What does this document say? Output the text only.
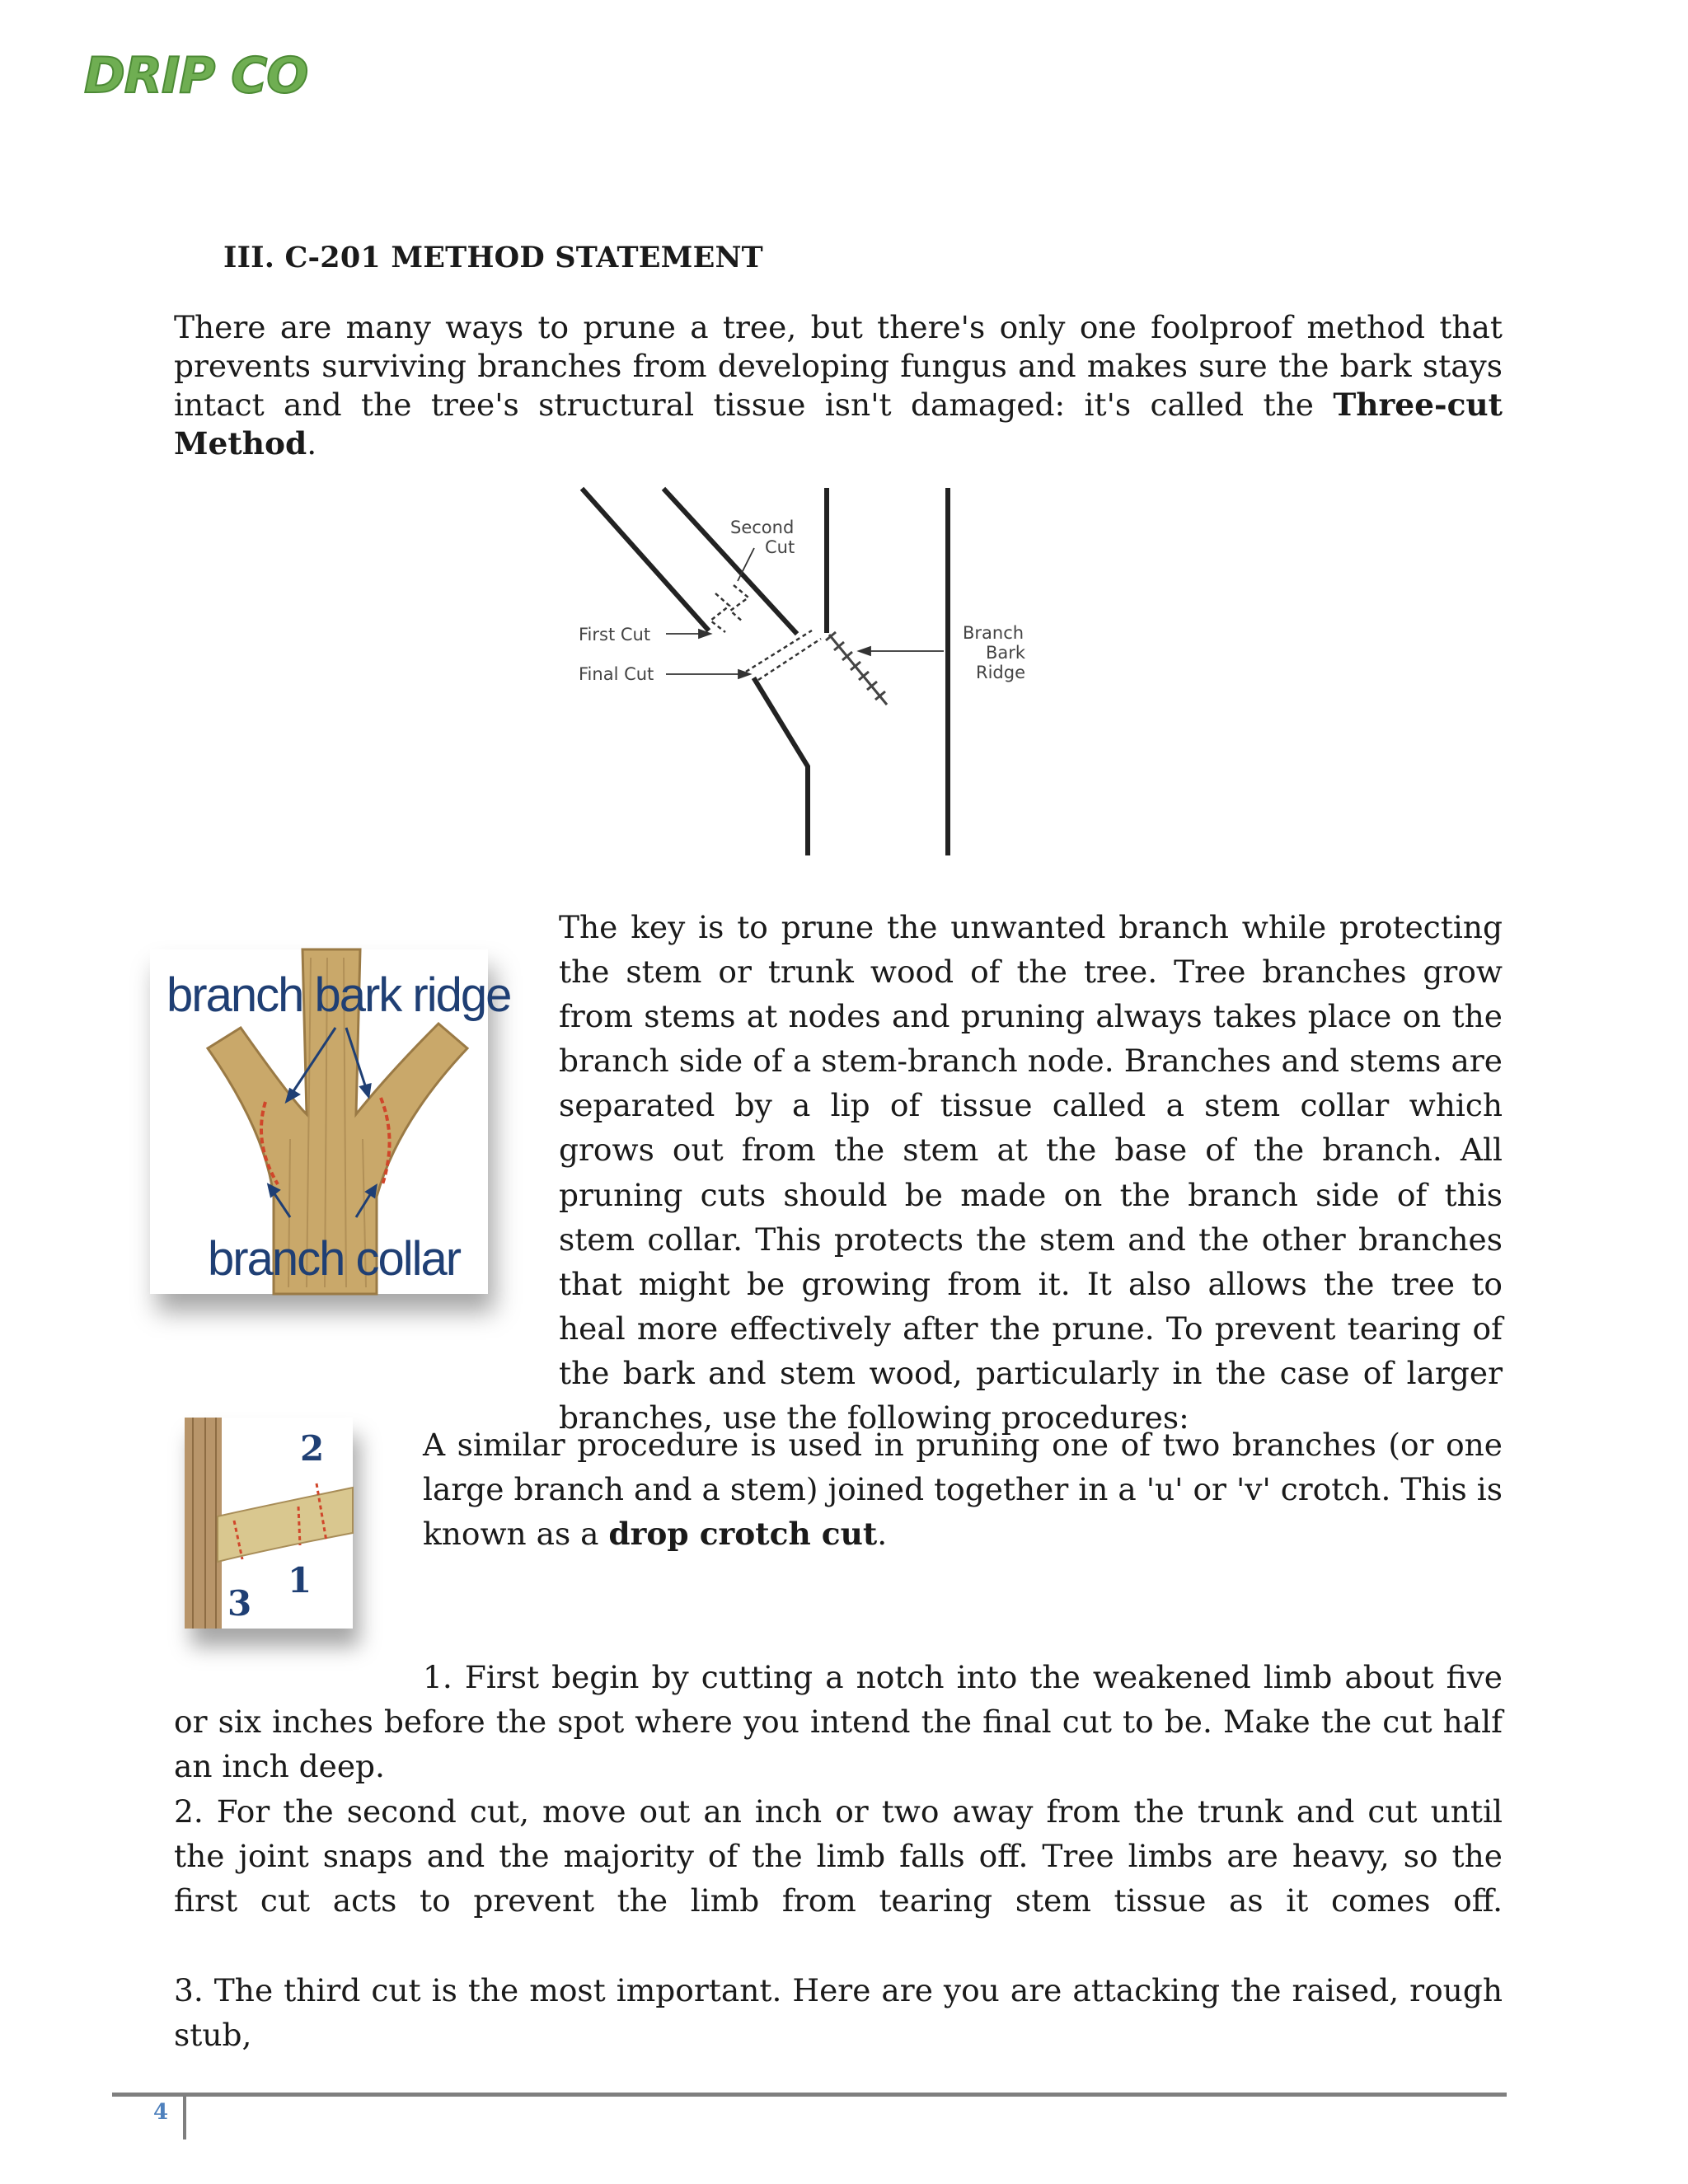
DRIP CO
III. C-201 METHOD STATEMENT
There are many ways to prune a tree, but there's only one foolproof method that prevents surviving branches from developing fungus and makes sure the bark stays intact and the tree's structural tissue isn't damaged: it's called the Three-cut Method.
Second
Cut
First Cut
Final Cut
Branch
Bark
Ridge
branch bark ridge
branch collar
The key is to prune the unwanted branch while protecting the stem or trunk wood of the tree. Tree branches grow from stems at nodes and pruning always takes place on the branch side of a stem-branch node. Branches and stems are separated by a lip of tissue called a stem collar which grows out from the stem at the base of the branch. All pruning cuts should be made on the branch side of this stem collar. This protects the stem and the other branches that might be growing from it. It also allows the tree to heal more effectively after the prune. To prevent tearing of the bark and stem wood, particularly in the case of larger branches, use the following procedures:
2
1
3
A similar procedure is used in pruning one of two branches (or one large branch and a stem) joined together in a 'u' or 'v' crotch. This is known as a drop crotch cut.
1. First begin by cutting a notch into the weakened limb about five or six inches before the spot where you intend the final cut to be. Make the cut half an inch deep.
2. For the second cut, move out an inch or two away from the trunk and cut until the joint snaps and the majority of the limb falls off. Tree limbs are heavy, so the first cut acts to prevent the limb from tearing stem tissue as it comes off.
3. The third cut is the most important. Here are you are attacking the raised, rough stub,
4
